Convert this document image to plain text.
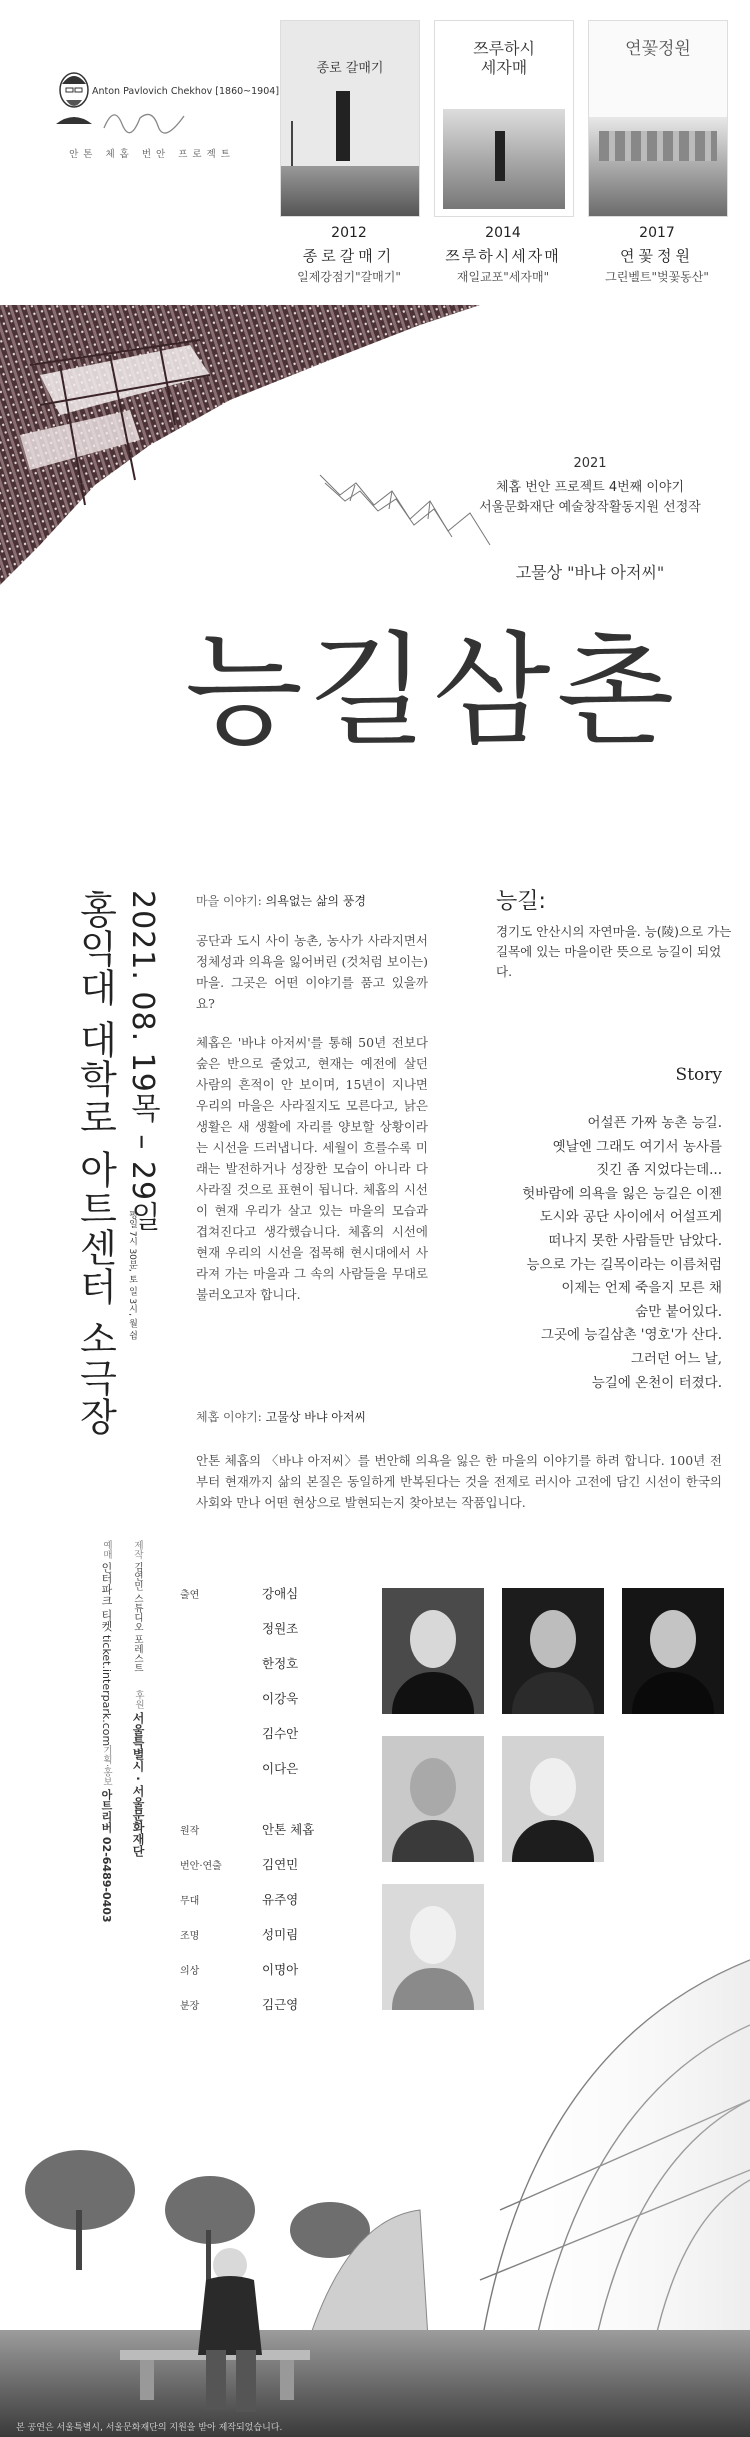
Anton Pavlovich Chekhov [1860~1904]
안톤 체홉 번안 프로젝트
종로 갈매기
쯔루하시
세자매
연꽃정원
2012
종로갈매기
일제강점기"갈매기"
2014
쯔루하시세자매
재일교포"세자매"
2017
연꽃정원
그린벨트"벚꽃동산"
2021
체홉 번안 프로젝트 4번째 이야기
서울문화재단 예술창작활동지원 선정작
고물상 "바냐 아저씨"
능길삼촌
2021. 08. 19목 – 29일
평일 7시 30분, 토 일 3시, 월 쉼
홍익대 대학로 아트센터 소극장
제작 김연민 스튜디오 포레스트
후원 서울특별시 · 서울문화재단
예매 인터파크 티켓 ticket.interpark.com
기획·홍보 아트리버 02-6489-0403
마을 이야기: 의욕없는 삶의 풍경
공단과 도시 사이 농촌, 농사가 사라지면서 정체성과 의욕을 잃어버린 (것처럼 보이는) 마을. 그곳은 어떤 이야기를 품고 있을까요?
체홉은 '바냐 아저씨'를 통해 50년 전보다 숲은 반으로 줄었고, 현재는 예전에 살던 사람의 흔적이 안 보이며, 15년이 지나면 우리의 마을은 사라질지도 모른다고, 낡은 생활은 새 생활에 자리를 양보할 상황이라는 시선을 드러냅니다. 세월이 흐를수록 미래는 발전하거나 성장한 모습이 아니라 다 사라질 것으로 표현이 됩니다. 체홉의 시선이 현재 우리가 살고 있는 마을의 모습과 겹쳐진다고 생각했습니다. 체홉의 시선에 현재 우리의 시선을 접목해 현시대에서 사라져 가는 마을과 그 속의 사람들을 무대로 불러오고자 합니다.
능길:
경기도 안산시의 자연마을. 능(陵)으로 가는 길목에 있는 마을이란 뜻으로 능길이 되었다.
Story
어설픈 가짜 농촌 능길.
옛날엔 그래도 여기서 농사를
짓긴 좀 지었다는데...
헛바람에 의욕을 잃은 능길은 이젠
도시와 공단 사이에서 어설프게
떠나지 못한 사람들만 남았다.
능으로 가는 길목이라는 이름처럼
이제는 언제 죽을지 모른 채
숨만 붙어있다.
그곳에 능길삼촌 '영호'가 산다.
그러던 어느 날,
능길에 온천이 터졌다.
체홉 이야기: 고물상 바냐 아저씨
안톤 체홉의 〈바냐 아저씨〉를 번안해 의욕을 잃은 한 마을의 이야기를 하려 합니다. 100년 전부터 현재까지 삶의 본질은 동일하게 반복된다는 것을 전제로 러시아 고전에 담긴 시선이 한국의 사회와 만나 어떤 현상으로 발현되는지 찾아보는 작품입니다.
출연	강애심
정원조
한정호
이강욱
김수안
이다은
원작	안톤 체홉
번안·연출	김연민
무대	유주영
조명	성미림
의상	이명아
분장	김근영
본 공연은 서울특별시, 서울문화재단의 지원을 받아 제작되었습니다.
